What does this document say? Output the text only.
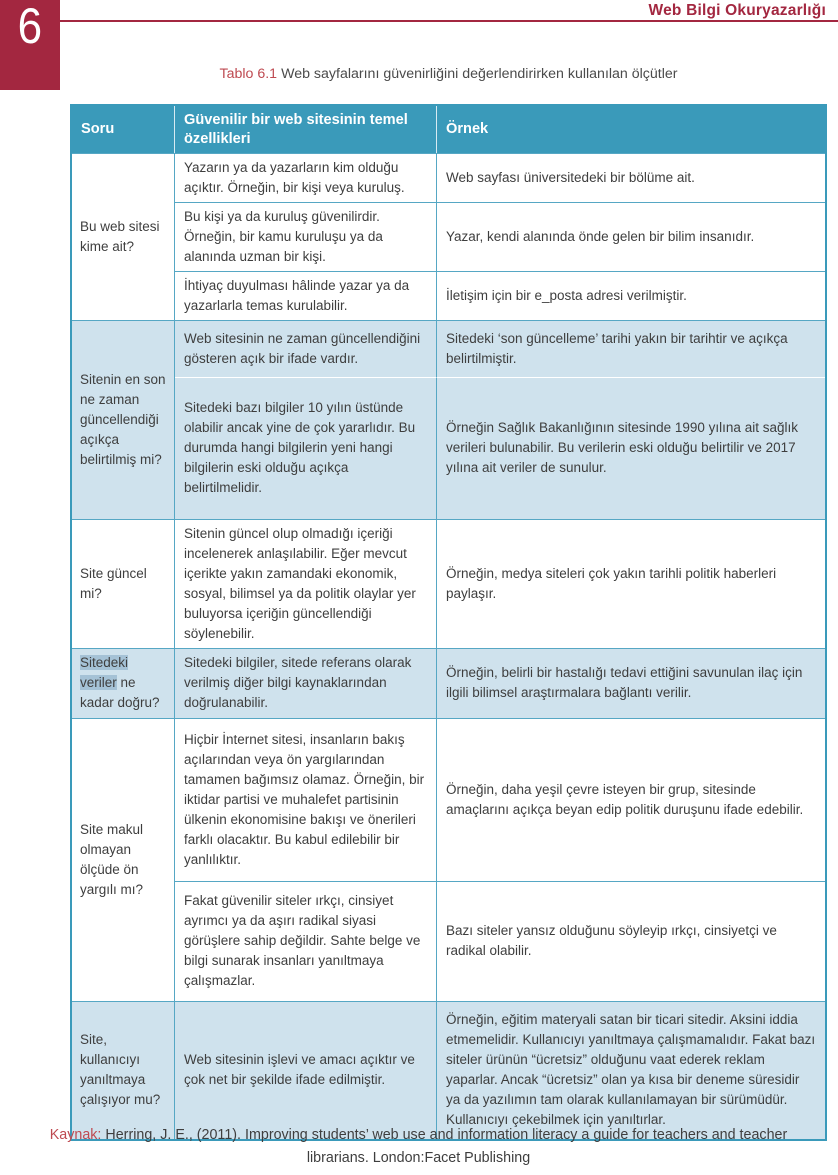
6	Web Bilgi Okuryazarlığı
Tablo 6.1 Web sayfalarını güvenirliğini değerlendirirken kullanılan ölçütler
Soru	Güvenilir bir web sitesinin temel özellikleri	Örnek
Bu web sitesi kime ait?	Yazarın ya da yazarların kim olduğu açıktır. Örneğin, bir kişi veya kuruluş.	Web sayfası üniversitedeki bir bölüme ait.
	Bu kişi ya da kuruluş güvenilirdir. Örneğin, bir kamu kuruluşu ya da alanında uzman bir kişi.	Yazar, kendi alanında önde gelen bir bilim insanıdır.
	İhtiyaç duyulması hâlinde yazar ya da yazarlarla temas kurulabilir.	İletişim için bir e_posta adresi verilmiştir.
Sitenin en son ne zaman güncellendiği açıkça belirtilmiş mi?	Web sitesinin ne zaman güncellendiğini gösteren açık bir ifade vardır.	Sitedeki ‘son güncelleme’ tarihi yakın bir tarihtir ve açıkça belirtilmiştir.
	Sitedeki bazı bilgiler 10 yılın üstünde olabilir ancak yine de çok yararlıdır. Bu durumda hangi bilgilerin yeni hangi bilgilerin eski olduğu açıkça belirtilmelidir.	Örneğin Sağlık Bakanlığının sitesinde 1990 yılına ait sağlık verileri bulunabilir. Bu verilerin eski olduğu belirtilir ve 2017 yılına ait veriler de sunulur.
Site güncel mi?	Sitenin güncel olup olmadığı içeriği incelenerek anlaşılabilir. Eğer mevcut içerikte yakın zamandaki ekonomik, sosyal, bilimsel ya da politik olaylar yer buluyorsa içeriğin güncellendiği söylenebilir.	Örneğin, medya siteleri çok yakın tarihli politik haberleri paylaşır.
Sitedeki veriler ne kadar doğru?	Sitedeki bilgiler, sitede referans olarak verilmiş diğer bilgi kaynaklarından doğrulanabilir.	Örneğin, belirli bir hastalığı tedavi ettiğini savunulan ilaç için ilgili bilimsel araştırmalara bağlantı verilir.
Site makul olmayan ölçüde ön yargılı mı?	Hiçbir İnternet sitesi, insanların bakış açılarından veya ön yargılarından tamamen bağımsız olamaz. Örneğin, bir iktidar partisi ve muhalefet partisinin ülkenin ekonomisine bakışı ve önerileri farklı olacaktır. Bu kabul edilebilir bir yanlılıktır.	Örneğin, daha yeşil çevre isteyen bir grup, sitesinde amaçlarını açıkça beyan edip politik duruşunu ifade edebilir.
	Fakat güvenilir siteler ırkçı, cinsiyet ayrımcı ya da aşırı radikal siyasi görüşlere sahip değildir. Sahte belge ve bilgi sunarak insanları yanıltmaya çalışmazlar.	Bazı siteler yansız olduğunu söyleyip ırkçı, cinsiyetçi ve radikal olabilir.
Site, kullanıcıyı yanıltmaya çalışıyor mu?	Web sitesinin işlevi ve amacı açıktır ve çok net bir şekilde ifade edilmiştir.	Örneğin, eğitim materyali satan bir ticari sitedir. Aksini iddia etmemelidir. Kullanıcıyı yanıltmaya çalışmamalıdır. Fakat bazı siteler ürünün “ücretsiz” olduğunu vaat ederek reklam yaparlar. Ancak “ücretsiz” olan ya kısa bir deneme süresidir ya da yazılımın tam olarak kullanılamayan bir sürümüdür. Kullanıcıyı çekebilmek için yanıltırlar.
Kaynak: Herring, J. E., (2011). Improving students’ web use and information literacy a guide for teachers and teacher librarians. London:Facet Publishing
